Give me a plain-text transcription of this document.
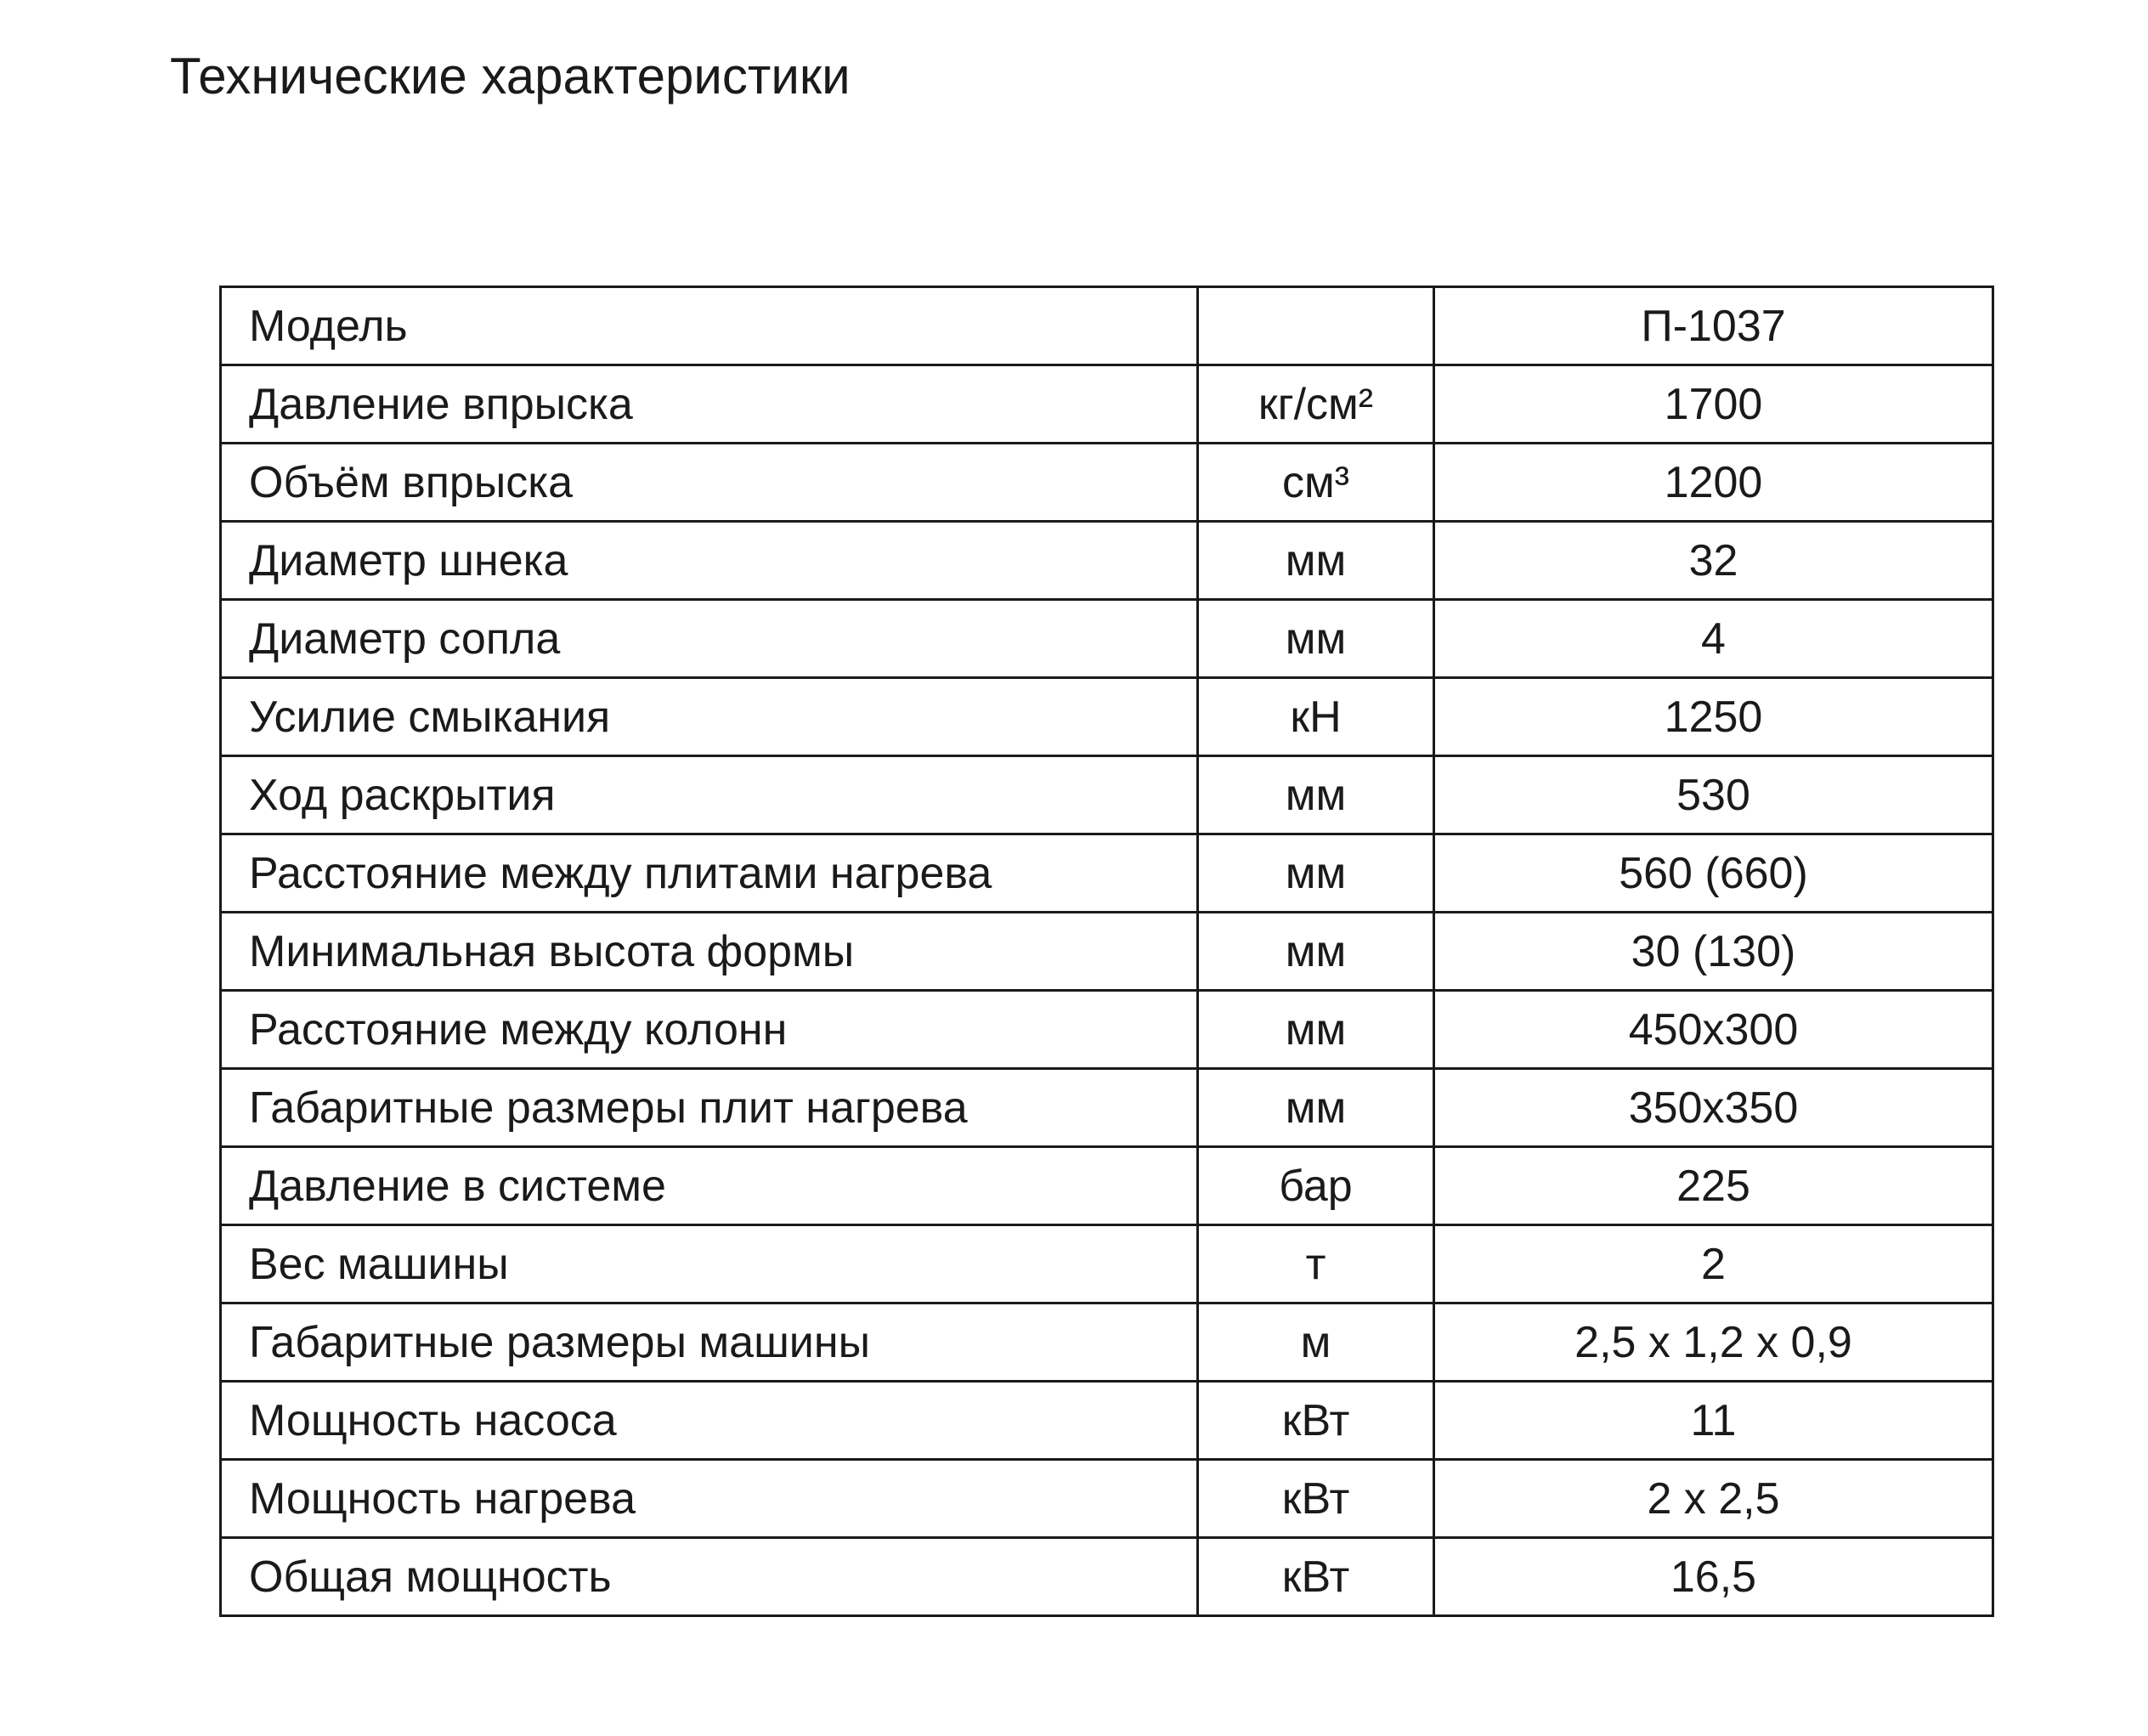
Технические характеристики
Модель		П-1037
Давление впрыска	кг/см²	1700
Объём впрыска	см³	1200
Диаметр шнека	мм	32
Диаметр сопла	мм	4
Усилие смыкания	кН	1250
Ход раскрытия	мм	530
Расстояние между плитами нагрева	мм	560 (660)
Минимальная высота формы	мм	30 (130)
Расстояние между колонн	мм	450x300
Габаритные размеры плит нагрева	мм	350x350
Давление в системе	бар	225
Вес машины	т	2
Габаритные размеры машины	м	2,5 x 1,2 x 0,9
Мощность насоса	кВт	11
Мощность нагрева	кВт	2 x 2,5
Общая мощность	кВт	16,5
